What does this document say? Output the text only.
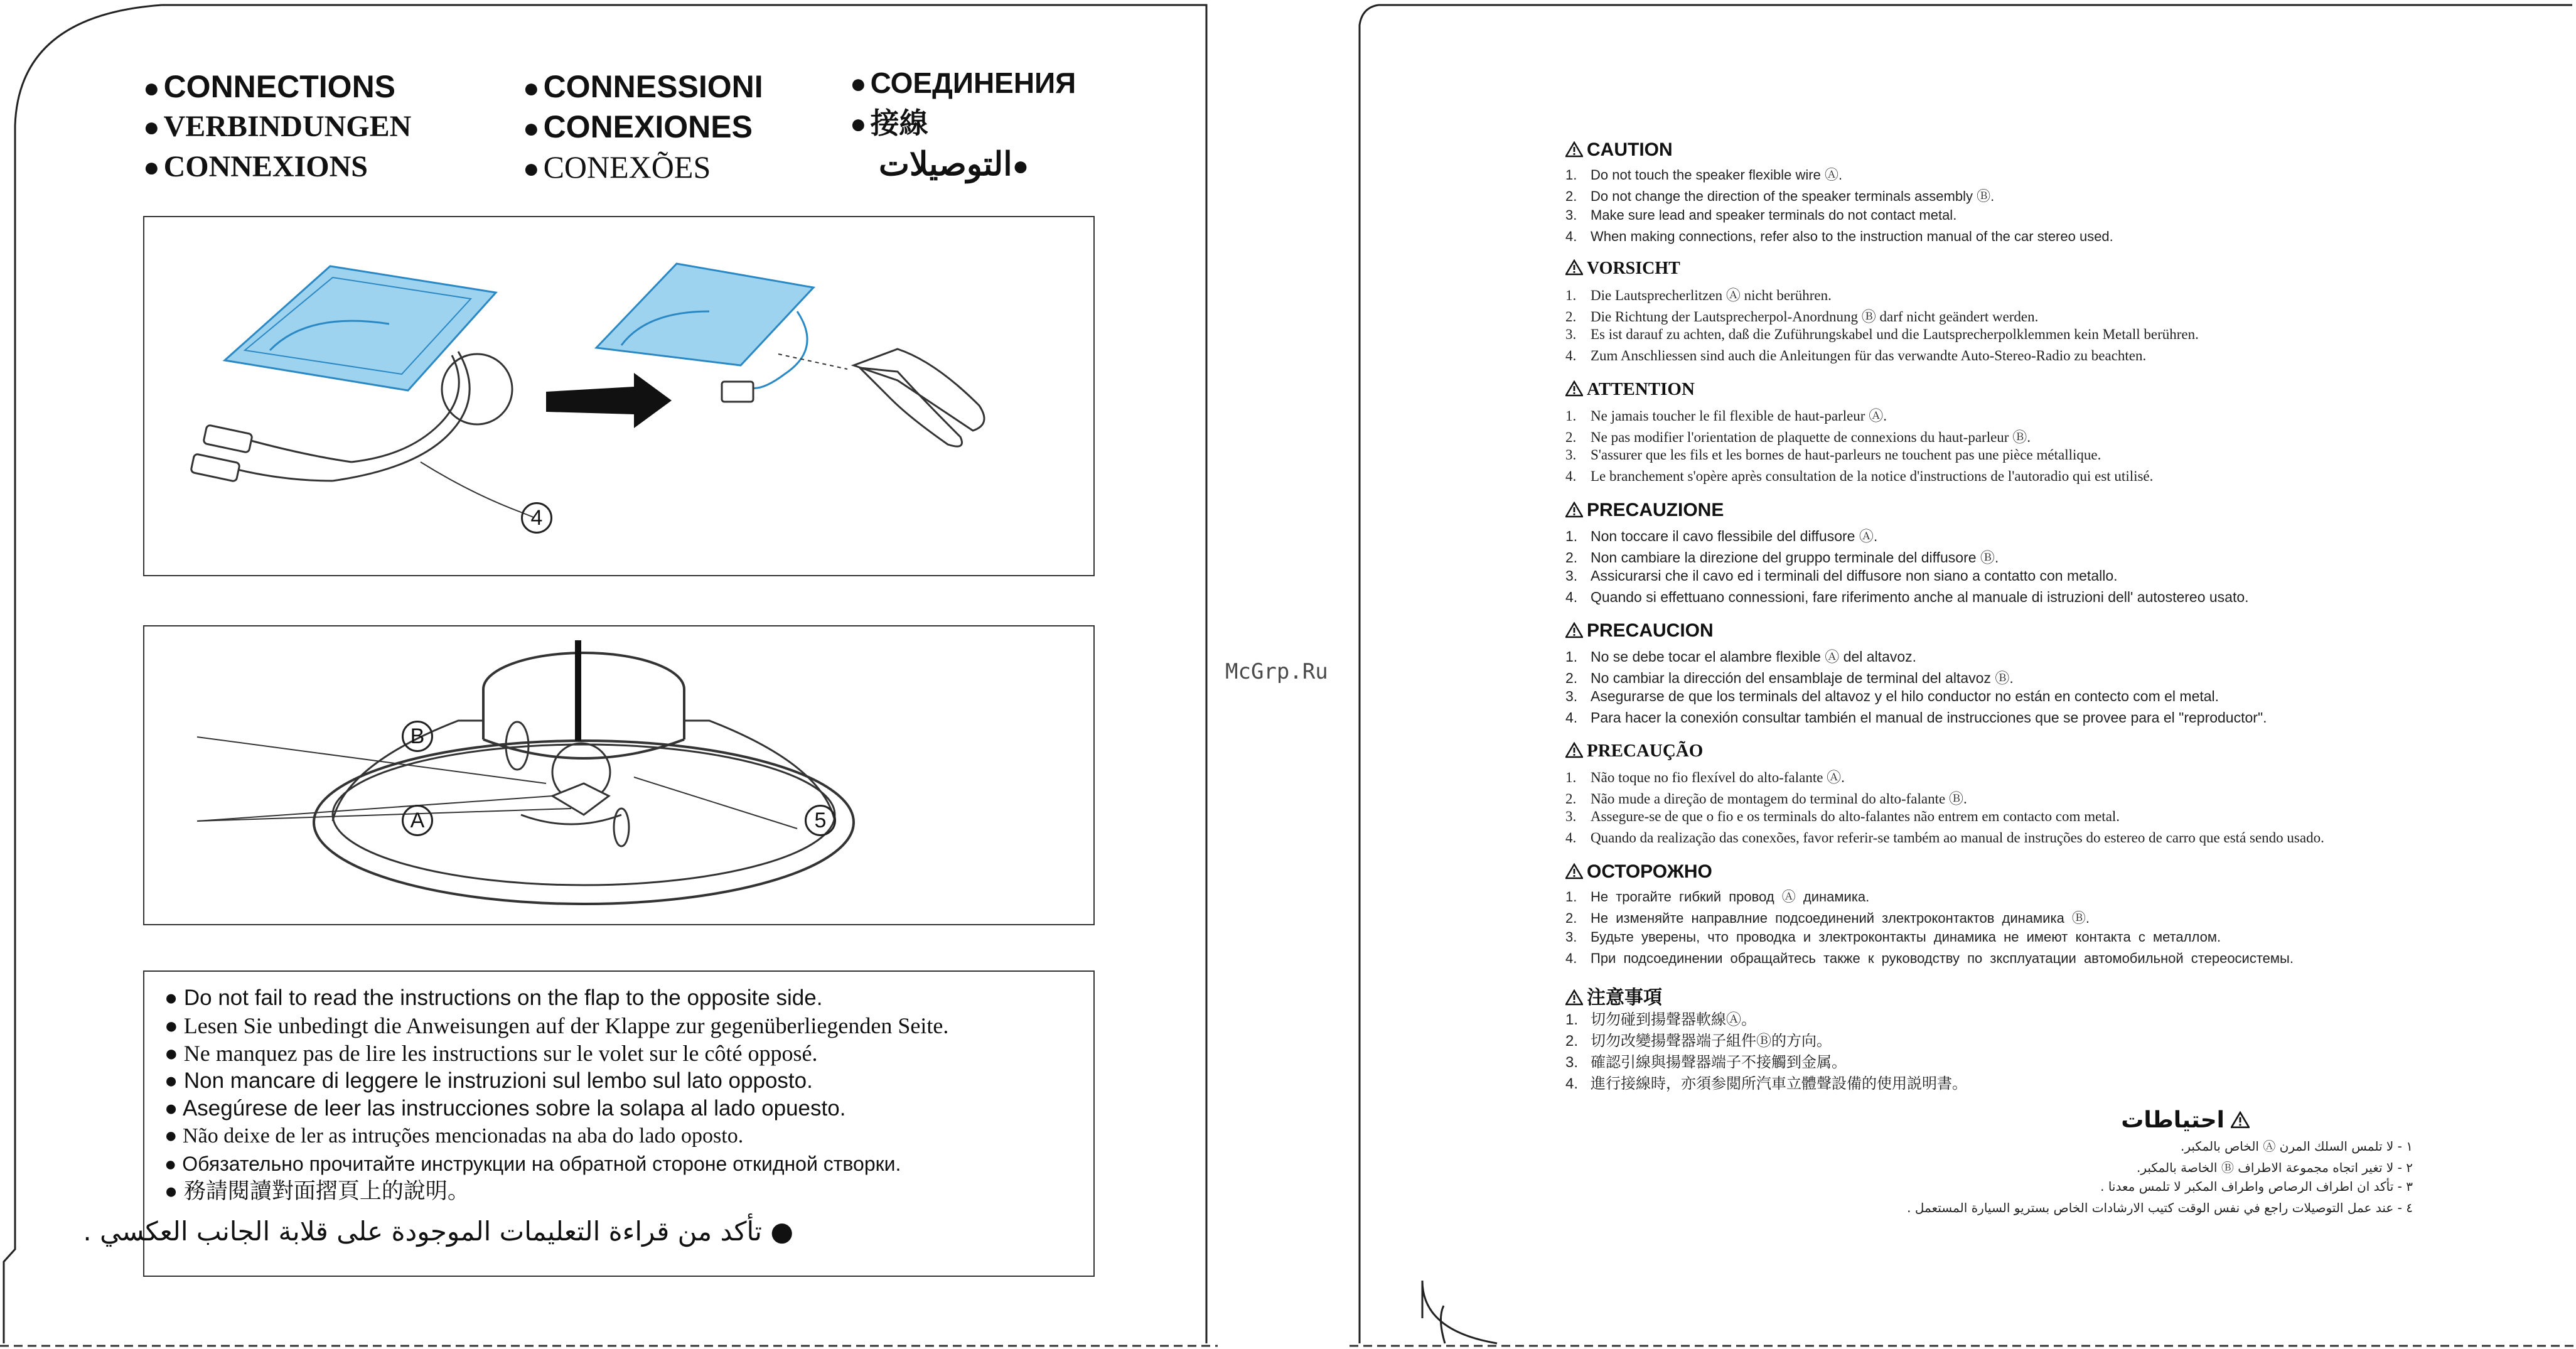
● CONNECTIONS
● VERBINDUNGEN
● CONNEXIONS
● CONNESSIONI
● CONEXIONES
● CONEXÕES
● СОЕДИНЕНИЯ
● 接線
التوصيلات●
4
B
A	5
● Do not fail to read the instructions on the flap to the opposite side.
● Lesen Sie unbedingt die Anweisungen auf der Klappe zur gegenüberliegenden Seite.
● Ne manquez pas de lire les instructions sur le volet sur le côté opposé.
● Non mancare di leggere le instruzioni sul lembo sul lato opposto.
● Asegúrese de leer las instrucciones sobre la solapa al lado opuesto.
● Não deixe de ler as intruções mencionadas na aba do lado oposto.
● Обязательно прочитайте инструкции на обратной стороне откидной створки.
● 務請閱讀對面摺頁上的說明。
● تأكد من قراءة التعليمات الموجودة على قلابة الجانب العكسي .
McGrp.Ru
CAUTION
1. Do not touch the speaker flexible wire Ⓐ.
2. Do not change the direction of the speaker terminals assembly Ⓑ.
3. Make sure lead and speaker terminals do not contact metal.
4. When making connections, refer also to the instruction manual of the car stereo used.
VORSICHT
1. Die Lautsprecherlitzen Ⓐ nicht berühren.
2. Die Richtung der Lautsprecherpol-Anordnung Ⓑ darf nicht geändert werden.
3. Es ist darauf zu achten, daß die Zuführungskabel und die Lautsprecherpolklemmen kein Metall berühren.
4. Zum Anschliessen sind auch die Anleitungen für das verwandte Auto-Stereo-Radio zu beachten.
ATTENTION
1. Ne jamais toucher le fil flexible de haut-parleur Ⓐ.
2. Ne pas modifier l'orientation de plaquette de connexions du haut-parleur Ⓑ.
3. S'assurer que les fils et les bornes de haut-parleurs ne touchent pas une pièce métallique.
4. Le branchement s'opère après consultation de la notice d'instructions de l'autoradio qui est utilisé.
PRECAUZIONE
1. Non toccare il cavo flessibile del diffusore Ⓐ.
2. Non cambiare la direzione del gruppo terminale del diffusore Ⓑ.
3. Assicurarsi che il cavo ed i terminali del diffusore non siano a contatto con metallo.
4. Quando si effettuano connessioni, fare riferimento anche al manuale di istruzioni dell' autostereo usato.
PRECAUCION
1. No se debe tocar el alambre flexible Ⓐ del altavoz.
2. No cambiar la dirección del ensamblaje de terminal del altavoz Ⓑ.
3. Asegurarse de que los terminals del altavoz y el hilo conductor no están en contecto com el metal.
4. Para hacer la conexión consultar también el manual de instrucciones que se provee para el "reproductor".
PRECAUÇÃO
1. Não toque no fio flexível do alto-falante Ⓐ.
2. Não mude a direção de montagem do terminal do alto-falante Ⓑ.
3. Assegure-se de que o fio e os terminals do alto-falantes não entrem em contacto com metal.
4. Quando da realização das conexões, favor referir-se também ao manual de instruções do estereo de carro que está sendo usado.
ОСТОРОЖНО
1. Не трогайте гибкий провод Ⓐ динамика.
2. Не изменяйте направлние подсоединений злектроконтактов динамика Ⓑ.
3. Будьте уверены, что проводка и злектроконтакты динамика не имеют контакта с металлом.
4. При подсоединении обращайтесь также к руководству по зксплуатации автомобильной стереосистемы.
注意事項
1. 切勿碰到揚聲器軟線Ⓐ。
2. 切勿改變揚聲器端子組件Ⓑ的方向。
3. 確認引線與揚聲器端子不接觸到金属。
4. 進行接線時，亦須参閲所汽車立體聲設備的使用説明書。
احتياطات
١ - لا تلمس السلك المرن Ⓐ الخاص بالمكبر.
٢ - لا تغير اتجاه مجموعة الاطراف Ⓑ الخاصة بالمكبر.
٣ - تأكد ان اطراف الرصاص واطراف المكبر لا تلمس معدنا .
٤ - عند عمل التوصيلات راجع في نفس الوقت كتيب الارشادات الخاص بستريو السيارة المستعمل .
